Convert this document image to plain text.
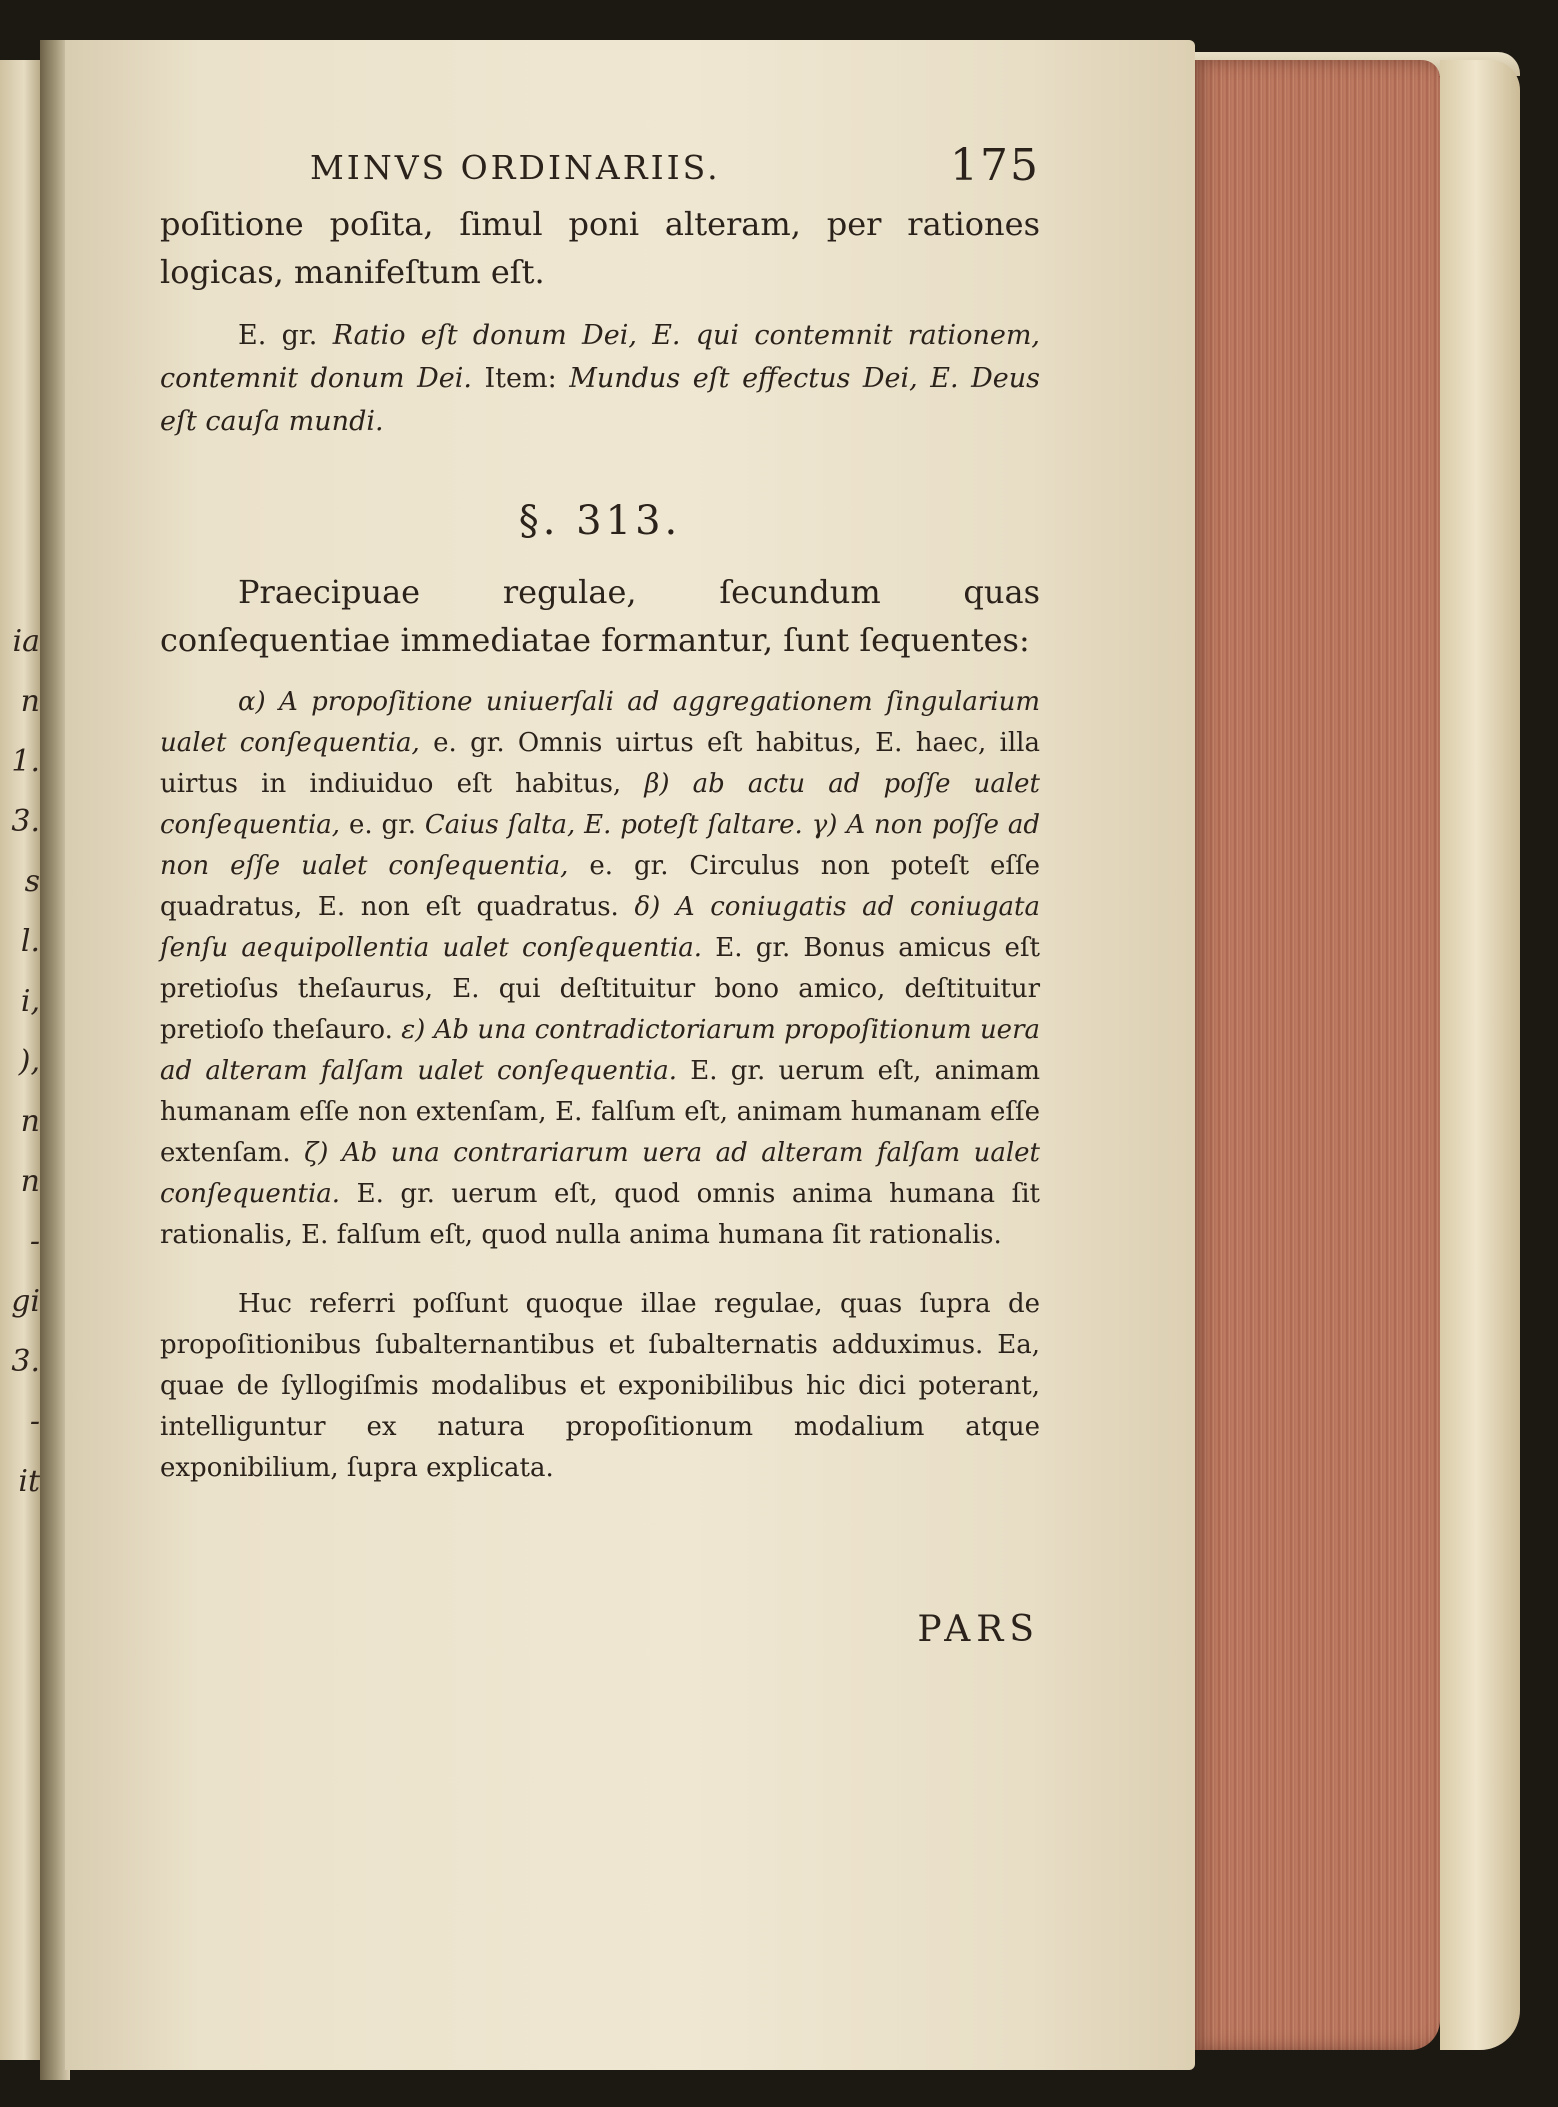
ia
n
1.
3.
s
l.
i,
),
n
n
-
gi
3.
-
it
MINVS ORDINARIIS.	175

poſitione poſita, ſimul poni alteram, per rationes logicas, manifeſtum eſt.

E. gr. Ratio eſt donum Dei, E. qui contemnit rationem, contemnit donum Dei. Item: Mundus eſt effectus Dei, E. Deus eſt cauſa mundi.

§. 313.

Praecipuae regulae, ſecundum quas conſequentiae immediatae formantur, ſunt ſequentes:

α) A propoſitione uniuerſali ad aggregationem ſingularium ualet conſequentia, e. gr. Omnis uirtus eſt habitus, E. haec, illa uirtus in indiuiduo eſt habitus, β) ab actu ad poſſe ualet conſequentia, e. gr. Caius ſalta, E. poteſt ſaltare. γ) A non poſſe ad non eſſe ualet conſequentia, e. gr. Circulus non poteſt eſſe quadratus, E. non eſt quadratus. δ) A coniugatis ad coniugata ſenſu aequipollentia ualet conſequentia. E. gr. Bonus amicus eſt pretioſus theſaurus, E. qui deſtituitur bono amico, deſtituitur pretioſo theſauro. ε) Ab una contradictoriarum propoſitionum uera ad alteram falſam ualet conſequentia. E. gr. uerum eſt, animam humanam eſſe non extenſam, E. falſum eſt, animam humanam eſſe extenſam. ζ) Ab una contrariarum uera ad alteram falſam ualet conſequentia. E. gr. uerum eſt, quod omnis anima humana ſit rationalis, E. falſum eſt, quod nulla anima humana ſit rationalis.

Huc referri poſſunt quoque illae regulae, quas ſupra de propoſitionibus ſubalternantibus et ſubalternatis adduximus. Ea, quae de ſyllogiſmis modalibus et exponibilibus hic dici poterant, intelliguntur ex natura propoſitionum modalium atque exponibilium, ſupra explicata.

PARS
